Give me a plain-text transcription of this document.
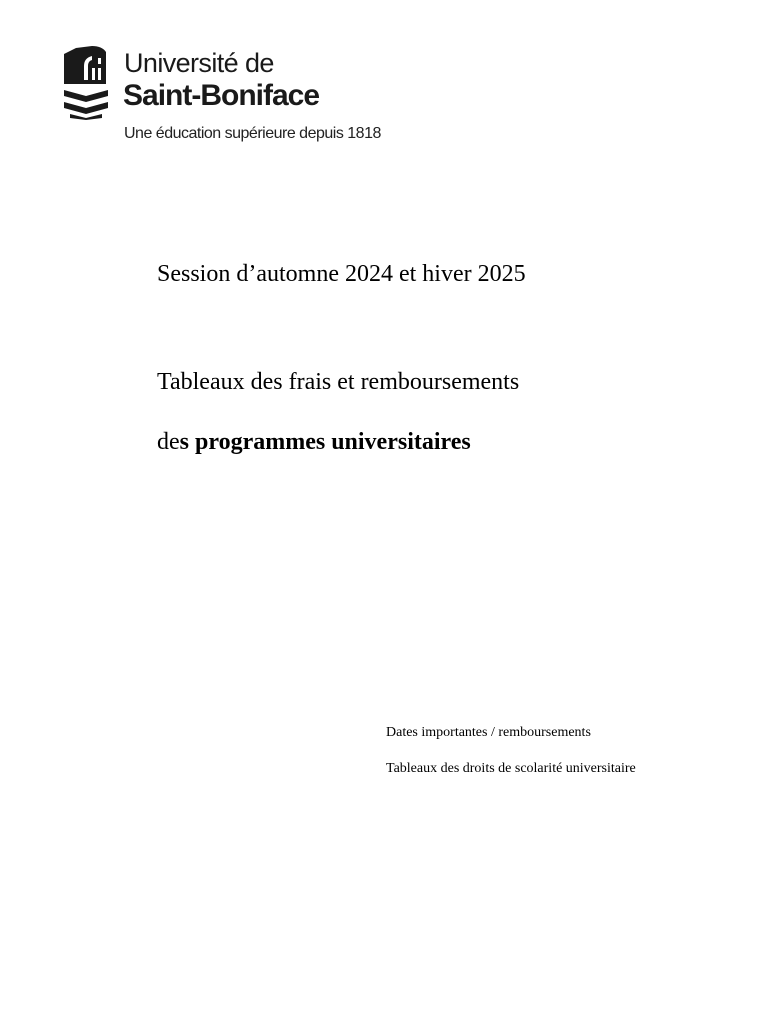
Université de
Saint-Boniface
Une éducation supérieure depuis 1818

Session d’automne 2024 et hiver 2025

Tableaux des frais et remboursements

des programmes universitaires

Dates importantes / remboursements

Tableaux des droits de scolarité universitaire
